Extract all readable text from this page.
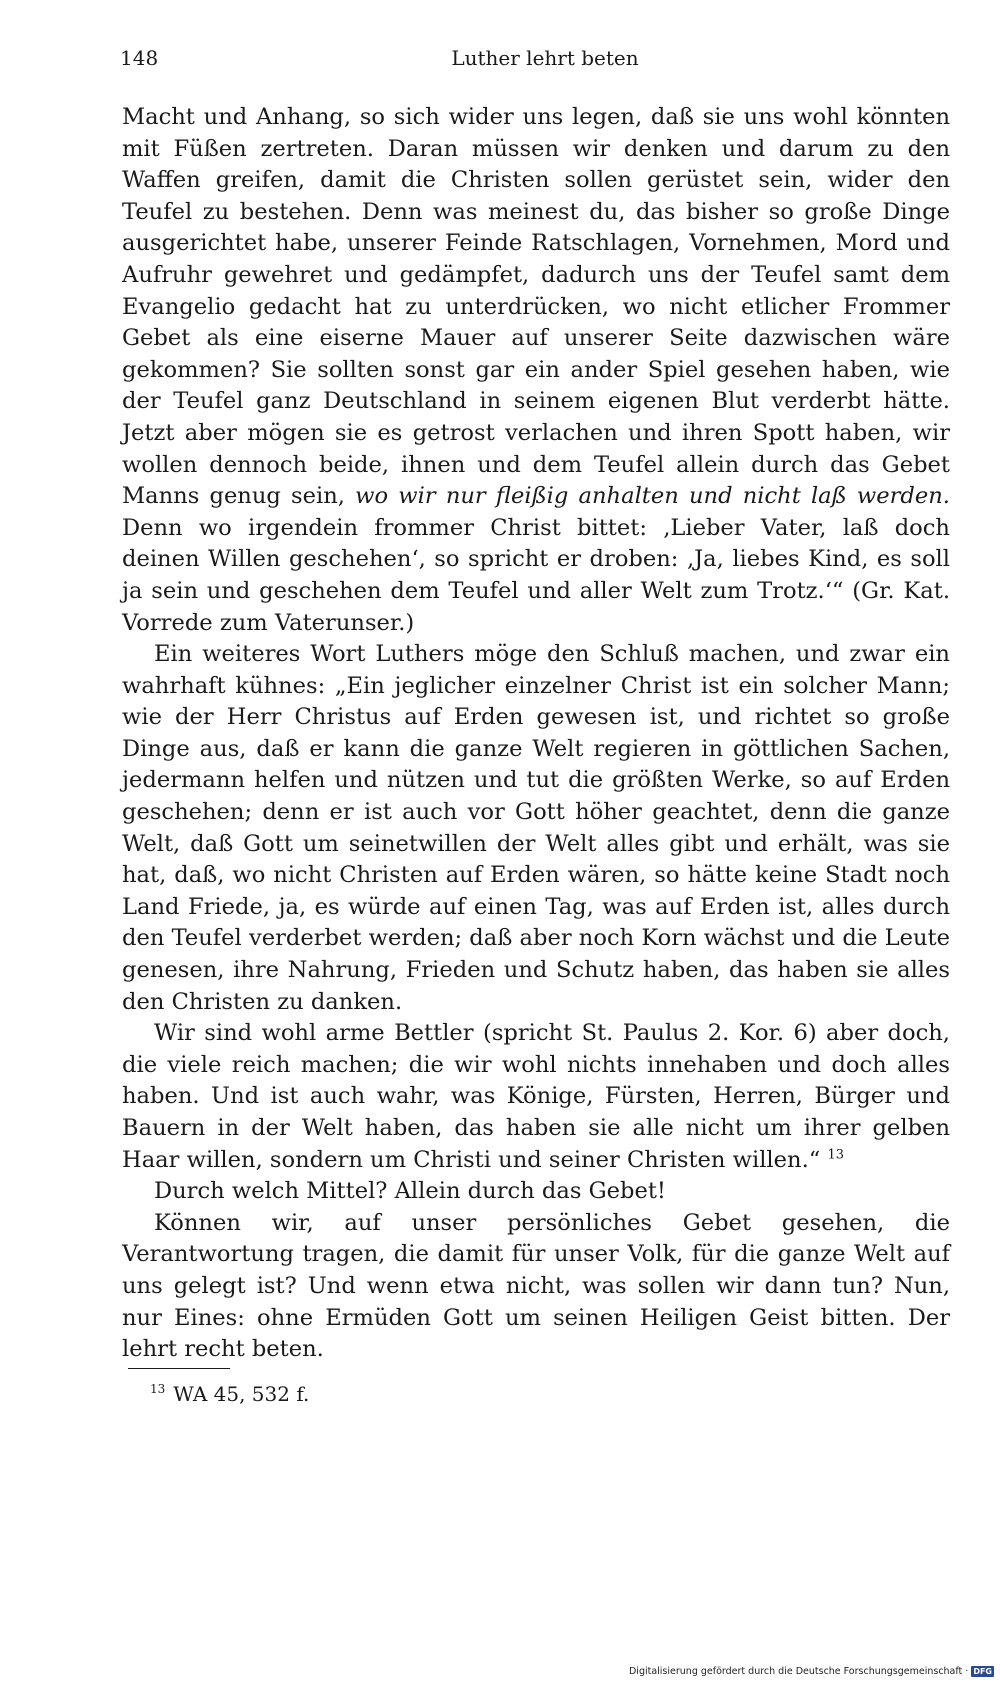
148	Luther lehrt beten

Macht und Anhang, so sich wider uns legen, daß sie uns wohl könnten mit Füßen zertreten. Daran müssen wir denken und darum zu den Waffen greifen, damit die Christen sollen gerüstet sein, wider den Teufel zu bestehen. Denn was meinest du, das bisher so große Dinge ausgerichtet habe, unserer Feinde Ratschlagen, Vornehmen, Mord und Aufruhr gewehret und gedämpfet, dadurch uns der Teufel samt dem Evangelio gedacht hat zu unterdrücken, wo nicht etlicher Frommer Gebet als eine eiserne Mauer auf unserer Seite dazwischen wäre gekommen? Sie sollten sonst gar ein ander Spiel gesehen haben, wie der Teufel ganz Deutschland in seinem eigenen Blut verderbt hätte. Jetzt aber mögen sie es getrost verlachen und ihren Spott haben, wir wollen dennoch beide, ihnen und dem Teufel allein durch das Gebet Manns genug sein, wo wir nur fleißig anhalten und nicht laß werden. Denn wo irgendein frommer Christ bittet: ‚Lieber Vater, laß doch deinen Willen geschehen‘, so spricht er droben: ‚Ja, liebes Kind, es soll ja sein und geschehen dem Teufel und aller Welt zum Trotz.‘“ (Gr. Kat. Vorrede zum Vaterunser.)

Ein weiteres Wort Luthers möge den Schluß machen, und zwar ein wahrhaft kühnes: „Ein jeglicher einzelner Christ ist ein solcher Mann; wie der Herr Christus auf Erden gewesen ist, und richtet so große Dinge aus, daß er kann die ganze Welt regieren in göttlichen Sachen, jedermann helfen und nützen und tut die größten Werke, so auf Erden geschehen; denn er ist auch vor Gott höher geachtet, denn die ganze Welt, daß Gott um seinetwillen der Welt alles gibt und erhält, was sie hat, daß, wo nicht Christen auf Erden wären, so hätte keine Stadt noch Land Friede, ja, es würde auf einen Tag, was auf Erden ist, alles durch den Teufel verderbet werden; daß aber noch Korn wächst und die Leute genesen, ihre Nahrung, Frieden und Schutz haben, das haben sie alles den Christen zu danken.

Wir sind wohl arme Bettler (spricht St. Paulus 2. Kor. 6) aber doch, die viele reich machen; die wir wohl nichts innehaben und doch alles haben. Und ist auch wahr, was Könige, Fürsten, Herren, Bürger und Bauern in der Welt haben, das haben sie alle nicht um ihrer gelben Haar willen, sondern um Christi und seiner Christen willen.“ $^{13}$

Durch welch Mittel? Allein durch das Gebet!

Können wir, auf unser persönliches Gebet gesehen, die Verantwortung tragen, die damit für unser Volk, für die ganze Welt auf uns gelegt ist? Und wenn etwa nicht, was sollen wir dann tun? Nun, nur Eines: ohne Ermüden Gott um seinen Heiligen Geist bitten. Der lehrt recht beten.

$^{13}$ WA 45, 532 f.
Digitalisierung gefördert durch die Deutsche Forschungsgemeinschaft · DFG
